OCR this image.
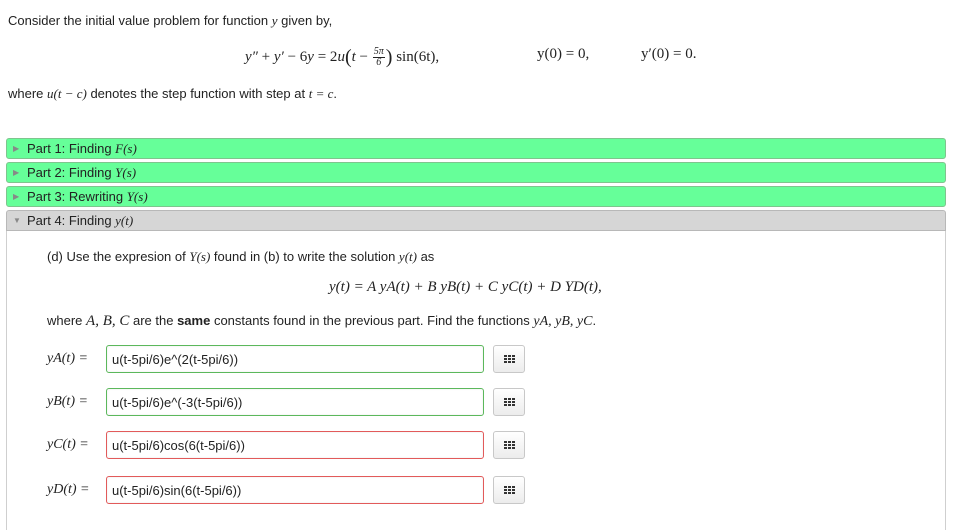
Consider the initial value problem for function y given by,
$y'' + y' - 6y = 2u(t - \frac{5\pi}{6}$ ) sin(6t),	y(0) = 0,	y′(0) = 0.
where u(t − c) denotes the step function with step at t = c.
▶ Part 1: Finding F(s)
▶ Part 2: Finding Y(s)
▶ Part 3: Rewriting Y(s)
▼ Part 4: Finding y(t)
(d) Use the expresion of Y(s) found in (b) to write the solution y(t) as
y(t) = A yA(t) + B yB(t) + C yC(t) + D YD(t),
where A, B, C are the same constants found in the previous part. Find the functions yA, yB, yC.
yA(t) =
u(t-5pi/6)e^(2(t-5pi/6))
yB(t) =
u(t-5pi/6)e^(-3(t-5pi/6))
yC(t) =
u(t-5pi/6)cos(6(t-5pi/6))
yD(t) =
u(t-5pi/6)sin(6(t-5pi/6))
